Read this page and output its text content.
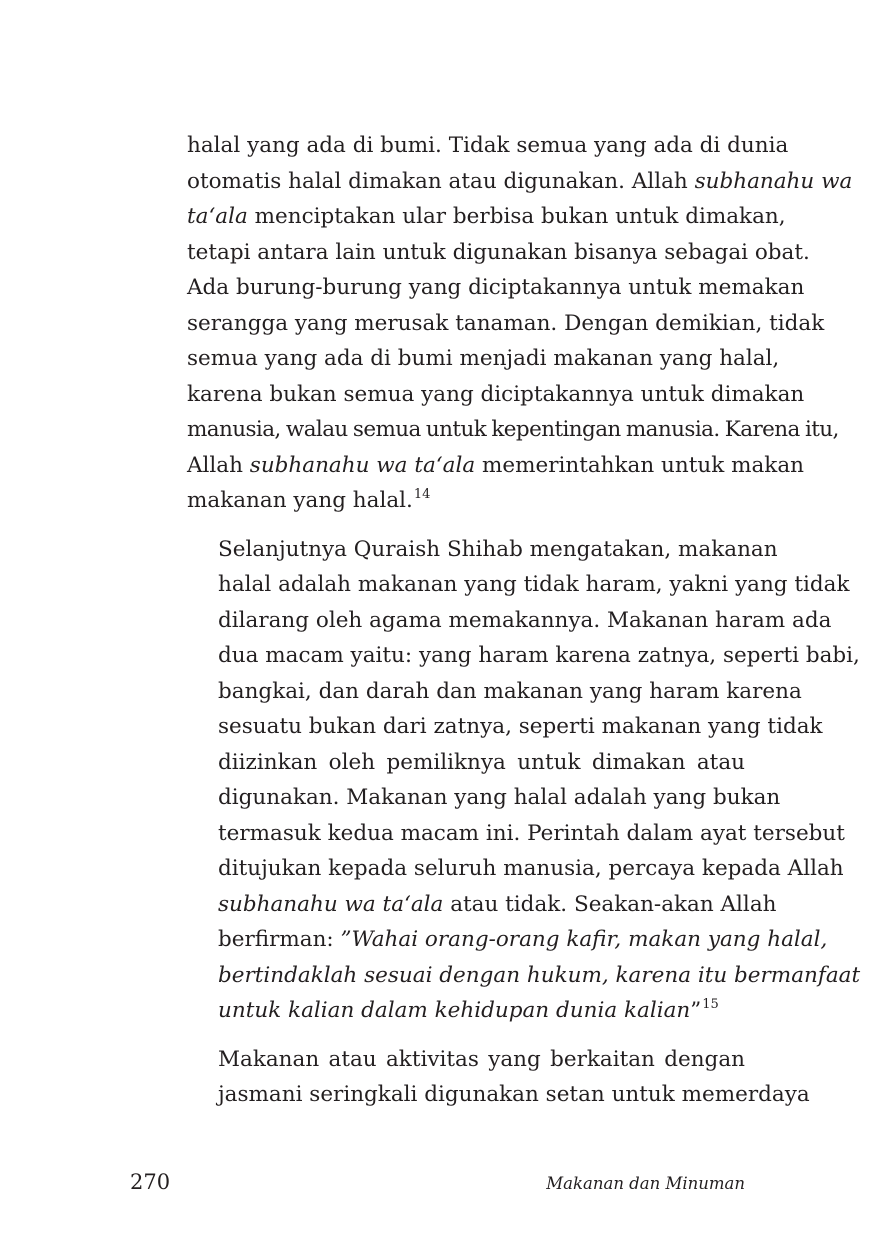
halal yang ada di bumi. Tidak semua yang ada di dunia
otomatis halal dimakan atau digunakan. Allah subhanahu wa
ta‘ala menciptakan ular berbisa bukan untuk dimakan,
tetapi antara lain untuk digunakan bisanya sebagai obat.
Ada burung-burung yang diciptakannya untuk memakan
serangga yang merusak tanaman. Dengan demikian, tidak
semua yang ada di bumi menjadi makanan yang halal,
karena bukan semua yang diciptakannya untuk dimakan
manusia, walau semua untuk kepentingan manusia. Karena itu,
Allah subhanahu wa ta‘ala memerintahkan untuk makan
makanan yang halal.$^{14}$

Selanjutnya Quraish Shihab mengatakan, makanan
halal adalah makanan yang tidak haram, yakni yang tidak
dilarang oleh agama memakannya. Makanan haram ada
dua macam yaitu: yang haram karena zatnya, seperti babi,
bangkai, dan darah dan makanan yang haram karena
sesuatu bukan dari zatnya, seperti makanan yang tidak
diizinkan oleh pemiliknya untuk dimakan atau
digunakan. Makanan yang halal adalah yang bukan
termasuk kedua macam ini. Perintah dalam ayat tersebut
ditujukan kepada seluruh manusia, percaya kepada Allah
subhanahu wa ta‘ala atau tidak. Seakan-akan Allah
berfirman: ”Wahai orang-orang kafir, makan yang halal,
bertindaklah sesuai dengan hukum, karena itu bermanfaat
untuk kalian dalam kehidupan dunia kalian”$^{15}$

Makanan atau aktivitas yang berkaitan dengan
jasmani seringkali digunakan setan untuk memerdaya

270	Makanan dan Minuman
